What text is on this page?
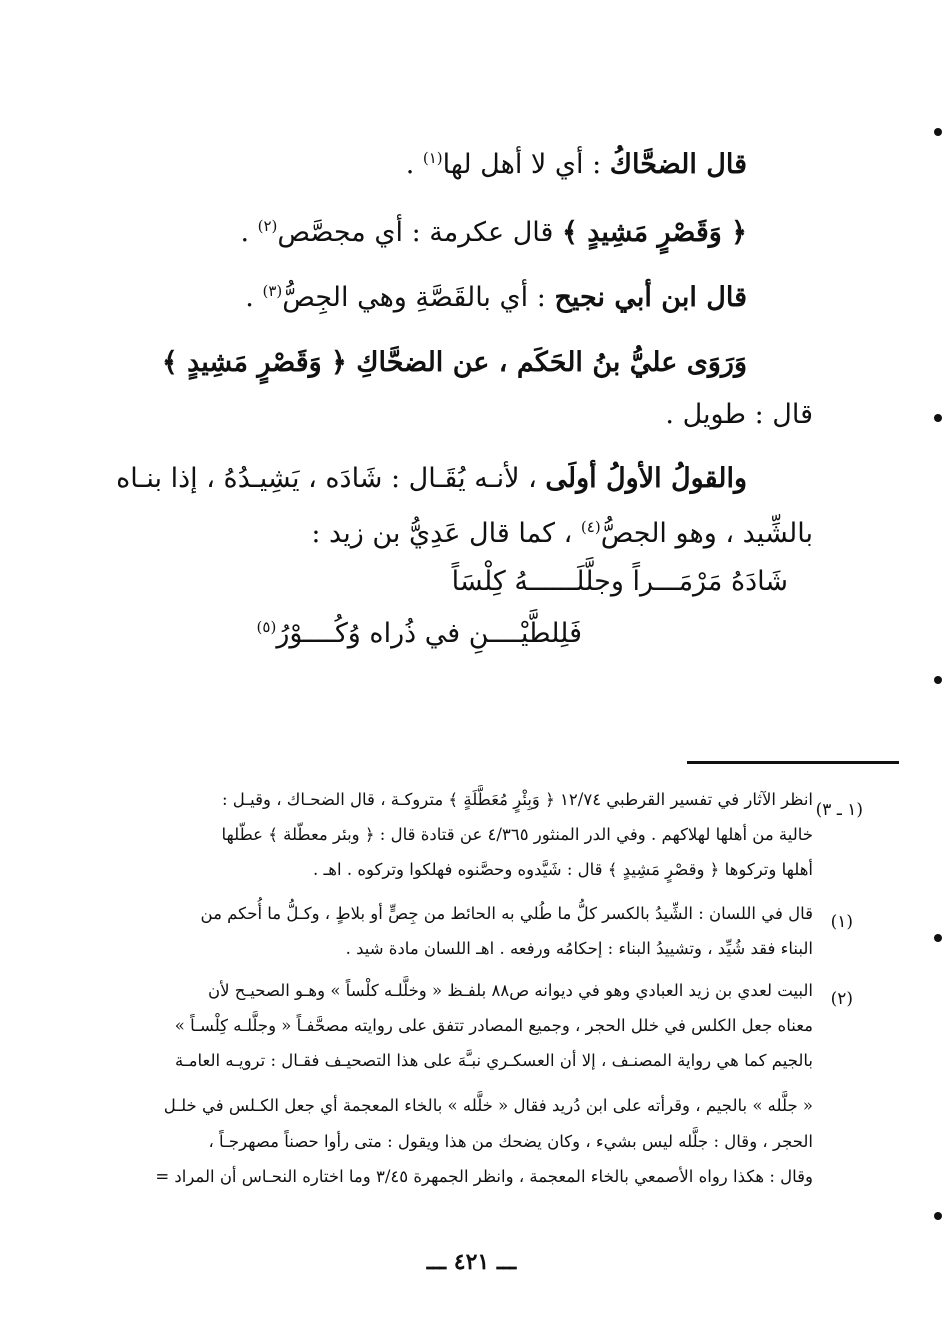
قال الضحَّاكُ : أي لا أهل لها$^{(١)}$ .
﴿ وَقَصْرٍ مَشِيدٍ ﴾ قال عكرمة : أي مجصَّص$^{(٢)}$ .
قال ابن أبي نجيح : أي بالقَصَّةِ وهي الجِصُّ$^{(٣)}$ .
وَرَوَى عليُّ بنُ الحَكَم ، عن الضحَّاكِ ﴿ وَقَصْرٍ مَشِيدٍ ﴾
قال : طويل .
والقولُ الأولُ أولَى ، لأنـه يُقَـال : شَادَه ، يَشِيـدُهُ ، إذا بنـاه
بالشِّيد ، وهو الجصُّ$^{(٤)}$ ، كما قال عَدِيُّ بن زيد :
شَادَهُ مَرْمَـــراً وجلَّلَــــــهُ كِلْسَاً
فَلِلطَّيْــــنِ في ذُراه وُكُــــوْرُ$^{(٥)}$
(١ ـ ٣)
انظر الآثار في تفسير القرطبي ١٢/٧٤ ﴿ وَبِئْرٍ مُعَطَّلَةٍ ﴾ متروكـة ، قال الضحـاك ، وقيـل :
خالية من أهلها لهلاكهم . وفي الدر المنثور ٤/٣٦٥ عن قتادة قال : ﴿ وبئر معطّلة ﴾ عطّلها
أهلها وتركوها ﴿ وقصْرٍ مَشِيدٍ ﴾ قال : شَيَّدوه وحصَّنوه فهلكوا وتركوه . اهـ .
(١)
قال في اللسان : الشِّيدُ بالكسر كلُّ ما طُلي به الحائط من جِصٍّ أو بلاطٍ ، وكـلُّ ما أُحكم من
البناء فقد شُيِّد ، وتشييدُ البناء : إحكامُه ورفعه . اهـ اللسان مادة شيد .
(٢)
البيت لعدي بن زيد العبادي وهو في ديوانه ص٨٨ بلفـظ « وخلَّلـه كلْساً » وهـو الصحيـح لأن
معناه جعل الكلس في خلل الحجر ، وجميع المصادر تتفق على روايته مصحَّفـاً « وجلَّلـه كِلْسـاً »
بالجيم كما هي رواية المصنـف ، إلا أن العسكـري نبـَّهَ على هذا التصحيـف فقـال : ترويـه العامـة
« جلَّله » بالجيم ، وقرأته على ابن دُريد فقال « خلَّله » بالخاء المعجمة أي جعل الكـلس في خلـل
الحجر ، وقال : جلَّله ليس بشيء ، وكان يضحك من هذا ويقول : متى رأوا حصناً مصهرجـاً ،
وقال : هكذا رواه الأصمعي بالخاء المعجمة ، وانظر الجمهرة ٣/٤٥ وما اختاره النحـاس أن المراد =
ـــ ٤٢١ ـــ
